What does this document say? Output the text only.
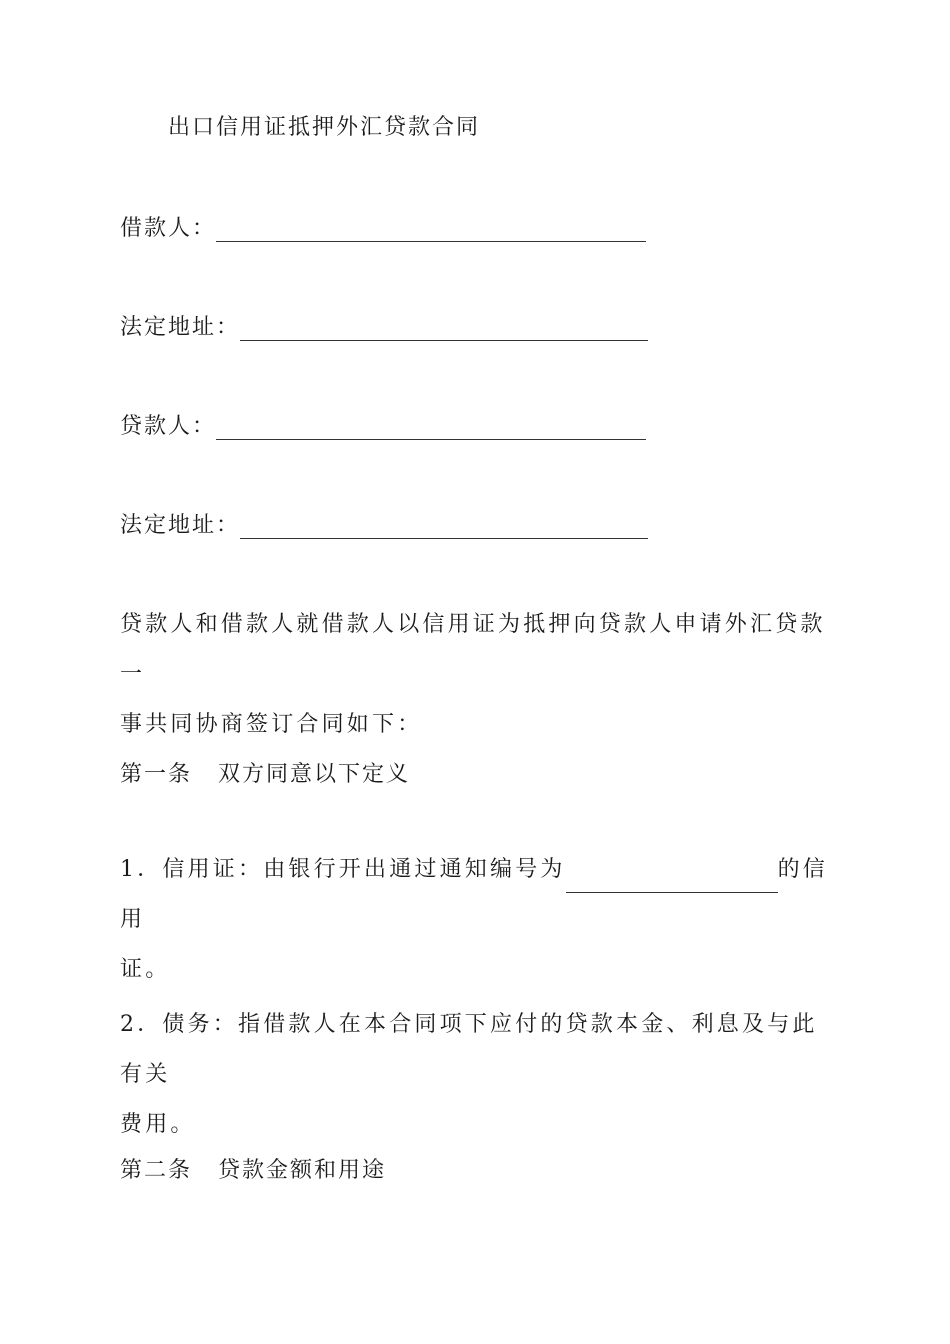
出口信用证抵押外汇贷款合同
借款人：
法定地址：
贷款人：
法定地址：
贷款人和借款人就借款人以信用证为抵押向贷款人申请外汇贷款一
事共同协商签订合同如下：
第一条 双方同意以下定义
1．信用证：由银行开出通过通知编号为	的信用
证。
2．债务：指借款人在本合同项下应付的贷款本金、利息及与此有关
费用。
第二条 贷款金额和用途
